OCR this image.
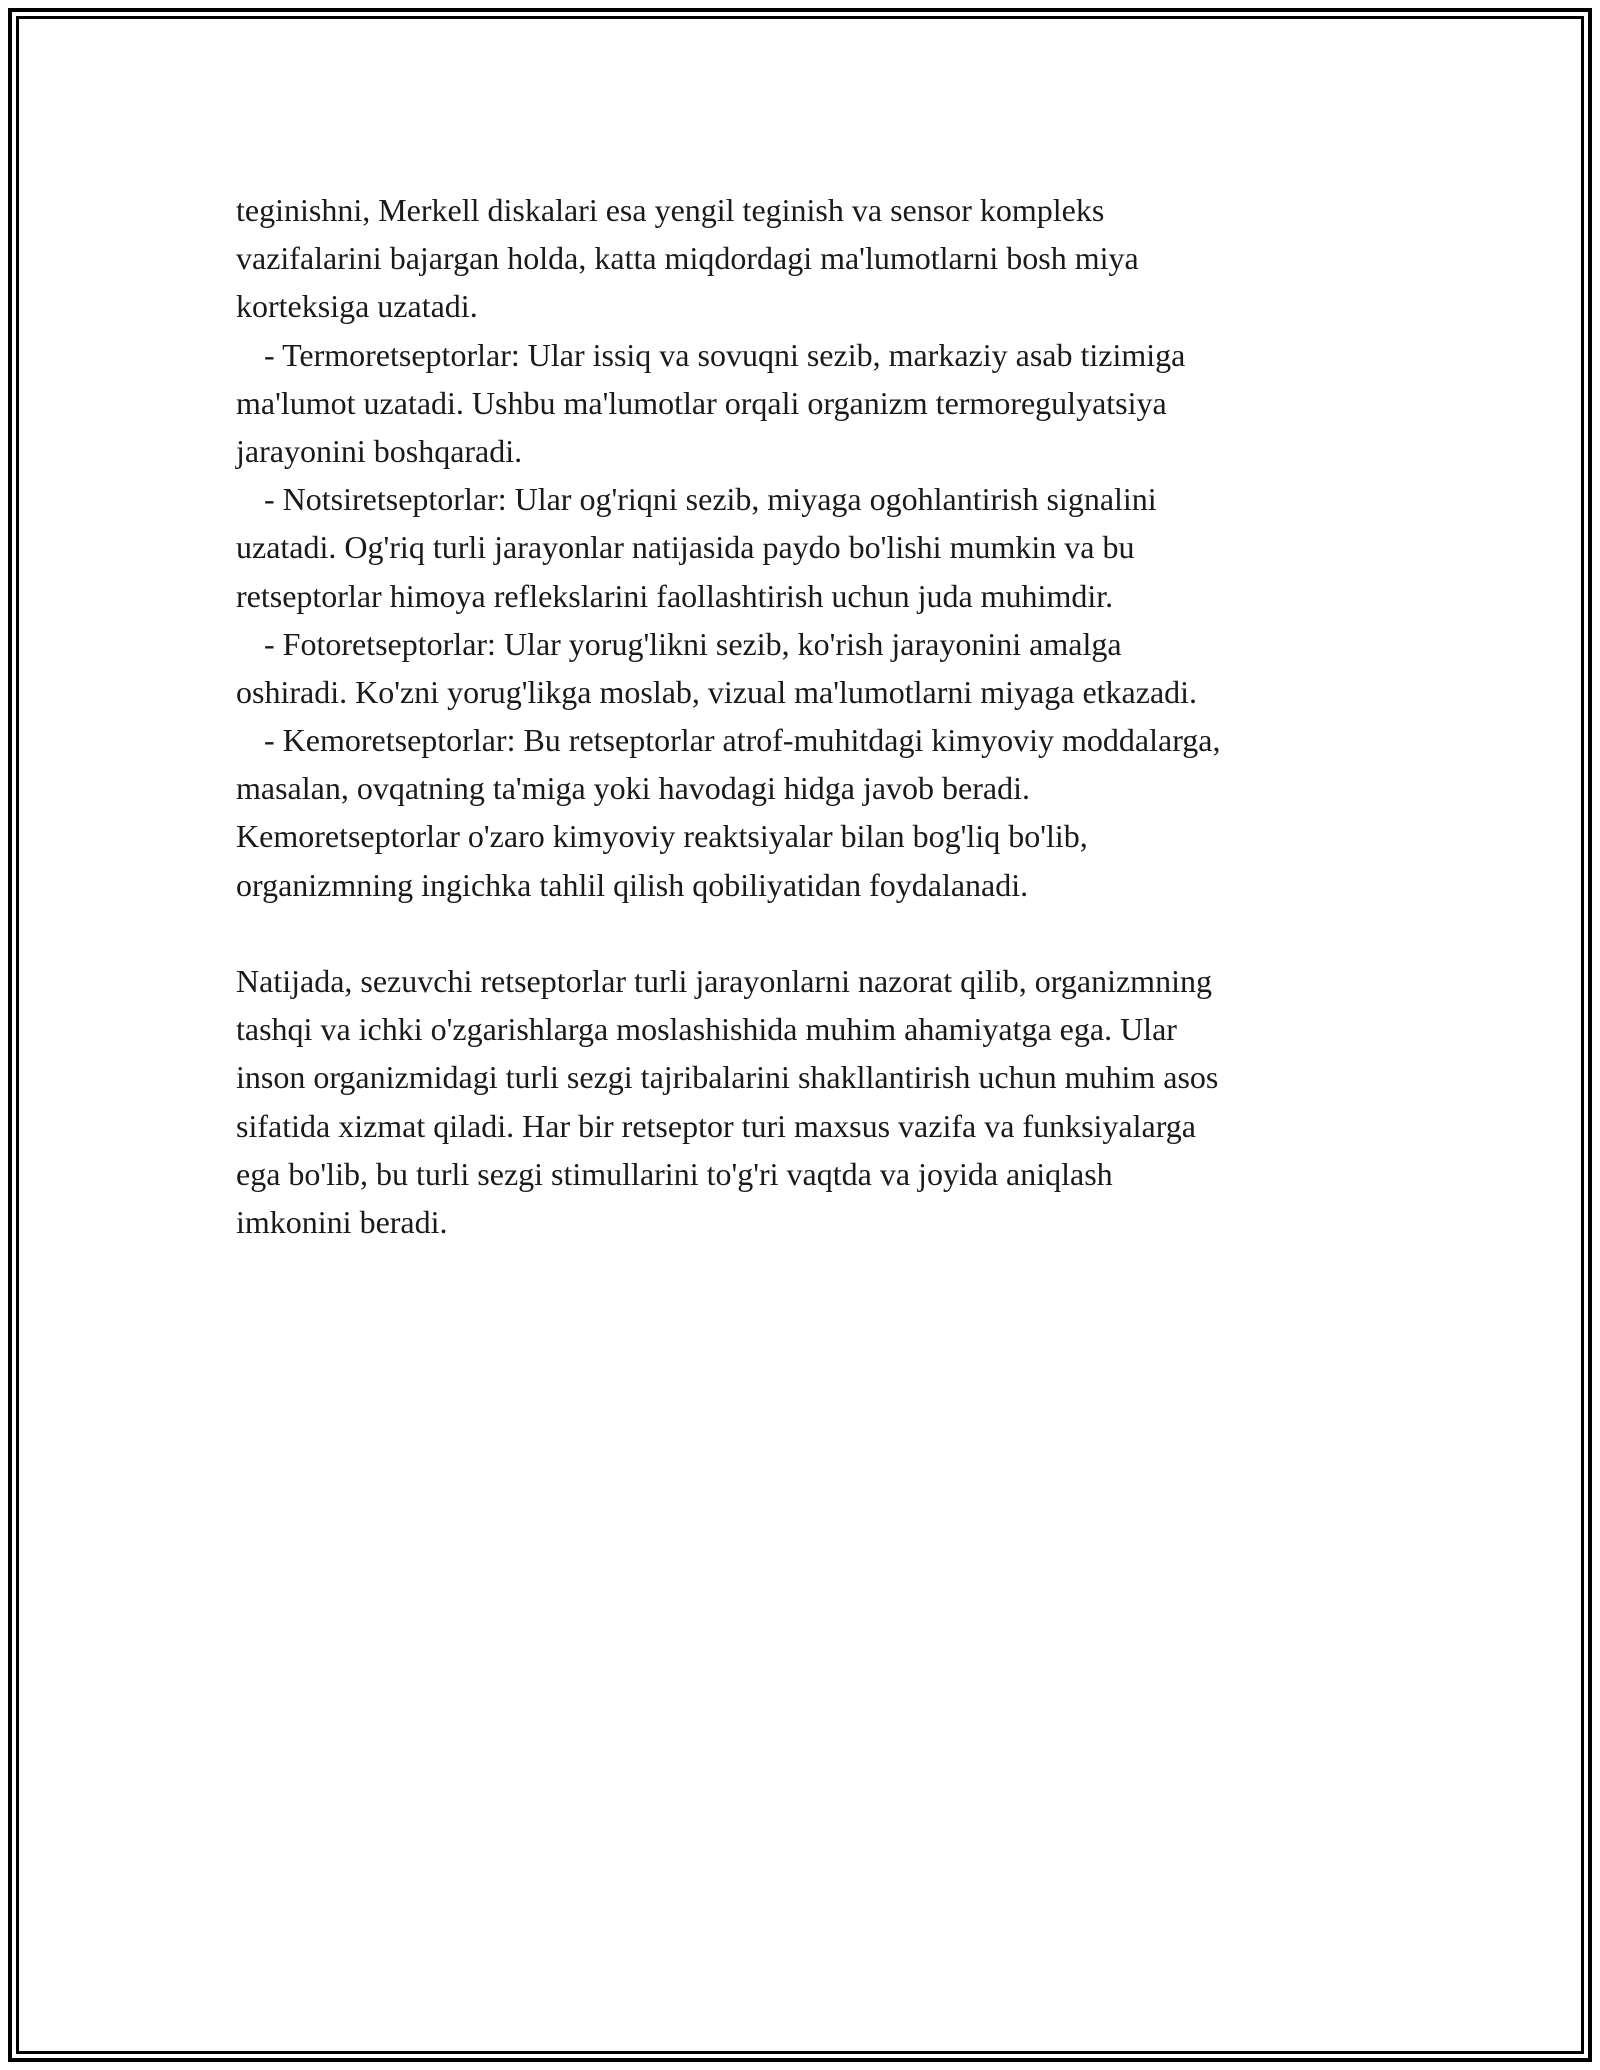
teginishni, Merkell diskalari esa yengil teginish va sensor kompleks
vazifalarini bajargan holda, katta miqdordagi ma'lumotlarni bosh miya
korteksiga uzatadi.
- Termoretseptorlar: Ular issiq va sovuqni sezib, markaziy asab tizimiga
ma'lumot uzatadi. Ushbu ma'lumotlar orqali organizm termoregulyatsiya
jarayonini boshqaradi.
- Notsiretseptorlar: Ular og'riqni sezib, miyaga ogohlantirish signalini
uzatadi. Og'riq turli jarayonlar natijasida paydo bo'lishi mumkin va bu
retseptorlar himoya reflekslarini faollashtirish uchun juda muhimdir.
- Fotoretseptorlar: Ular yorug'likni sezib, ko'rish jarayonini amalga
oshiradi. Ko'zni yorug'likga moslab, vizual ma'lumotlarni miyaga etkazadi.
- Kemoretseptorlar: Bu retseptorlar atrof-muhitdagi kimyoviy moddalarga,
masalan, ovqatning ta'miga yoki havodagi hidga javob beradi.
Kemoretseptorlar o'zaro kimyoviy reaktsiyalar bilan bog'liq bo'lib,
organizmning ingichka tahlil qilish qobiliyatidan foydalanadi.
Natijada, sezuvchi retseptorlar turli jarayonlarni nazorat qilib, organizmning
tashqi va ichki o'zgarishlarga moslashishida muhim ahamiyatga ega. Ular
inson organizmidagi turli sezgi tajribalarini shakllantirish uchun muhim asos
sifatida xizmat qiladi. Har bir retseptor turi maxsus vazifa va funksiyalarga
ega bo'lib, bu turli sezgi stimullarini to'g'ri vaqtda va joyida aniqlash
imkonini beradi.
